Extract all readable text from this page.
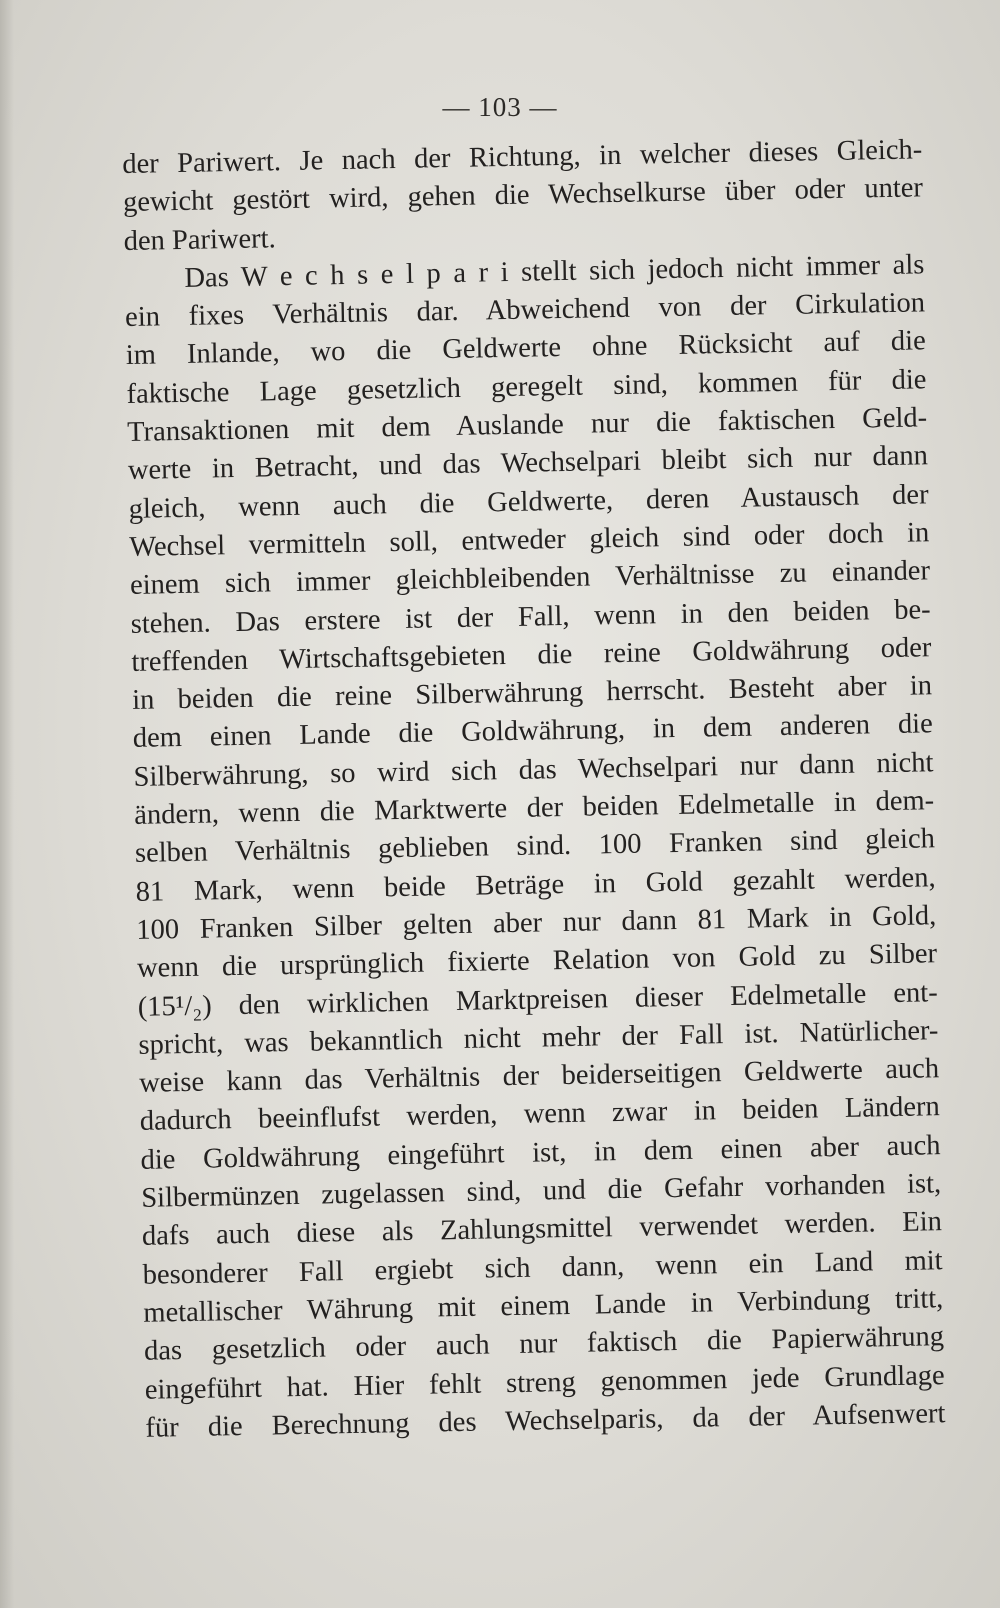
— 103 —
der Pariwert. Je nach der Richtung, in welcher dieses Gleich-
gewicht gestört wird, gehen die Wechselkurse über oder unter
den Pariwert.
Das W e c h s e l p a r i stellt sich jedoch nicht immer als
ein fixes Verhältnis dar. Abweichend von der Cirkulation
im Inlande, wo die Geldwerte ohne Rücksicht auf die
faktische Lage gesetzlich geregelt sind, kommen für die
Transaktionen mit dem Auslande nur die faktischen Geld-
werte in Betracht, und das Wechselpari bleibt sich nur dann
gleich, wenn auch die Geldwerte, deren Austausch der
Wechsel vermitteln soll, entweder gleich sind oder doch in
einem sich immer gleichbleibenden Verhältnisse zu einander
stehen. Das erstere ist der Fall, wenn in den beiden be-
treffenden Wirtschaftsgebieten die reine Goldwährung oder
in beiden die reine Silberwährung herrscht. Besteht aber in
dem einen Lande die Goldwährung, in dem anderen die
Silberwährung, so wird sich das Wechselpari nur dann nicht
ändern, wenn die Marktwerte der beiden Edelmetalle in dem-
selben Verhältnis geblieben sind. 100 Franken sind gleich
81 Mark, wenn beide Beträge in Gold gezahlt werden,
100 Franken Silber gelten aber nur dann 81 Mark in Gold,
wenn die ursprünglich fixierte Relation von Gold zu Silber
(15¹/₂) den wirklichen Marktpreisen dieser Edelmetalle ent-
spricht, was bekanntlich nicht mehr der Fall ist. Natürlicher-
weise kann das Verhältnis der beiderseitigen Geldwerte auch
dadurch beeinflufst werden, wenn zwar in beiden Ländern
die Goldwährung eingeführt ist, in dem einen aber auch
Silbermünzen zugelassen sind, und die Gefahr vorhanden ist,
dafs auch diese als Zahlungsmittel verwendet werden. Ein
besonderer Fall ergiebt sich dann, wenn ein Land mit
metallischer Währung mit einem Lande in Verbindung tritt,
das gesetzlich oder auch nur faktisch die Papierwährung
eingeführt hat. Hier fehlt streng genommen jede Grundlage
für die Berechnung des Wechselparis, da der Aufsenwert
